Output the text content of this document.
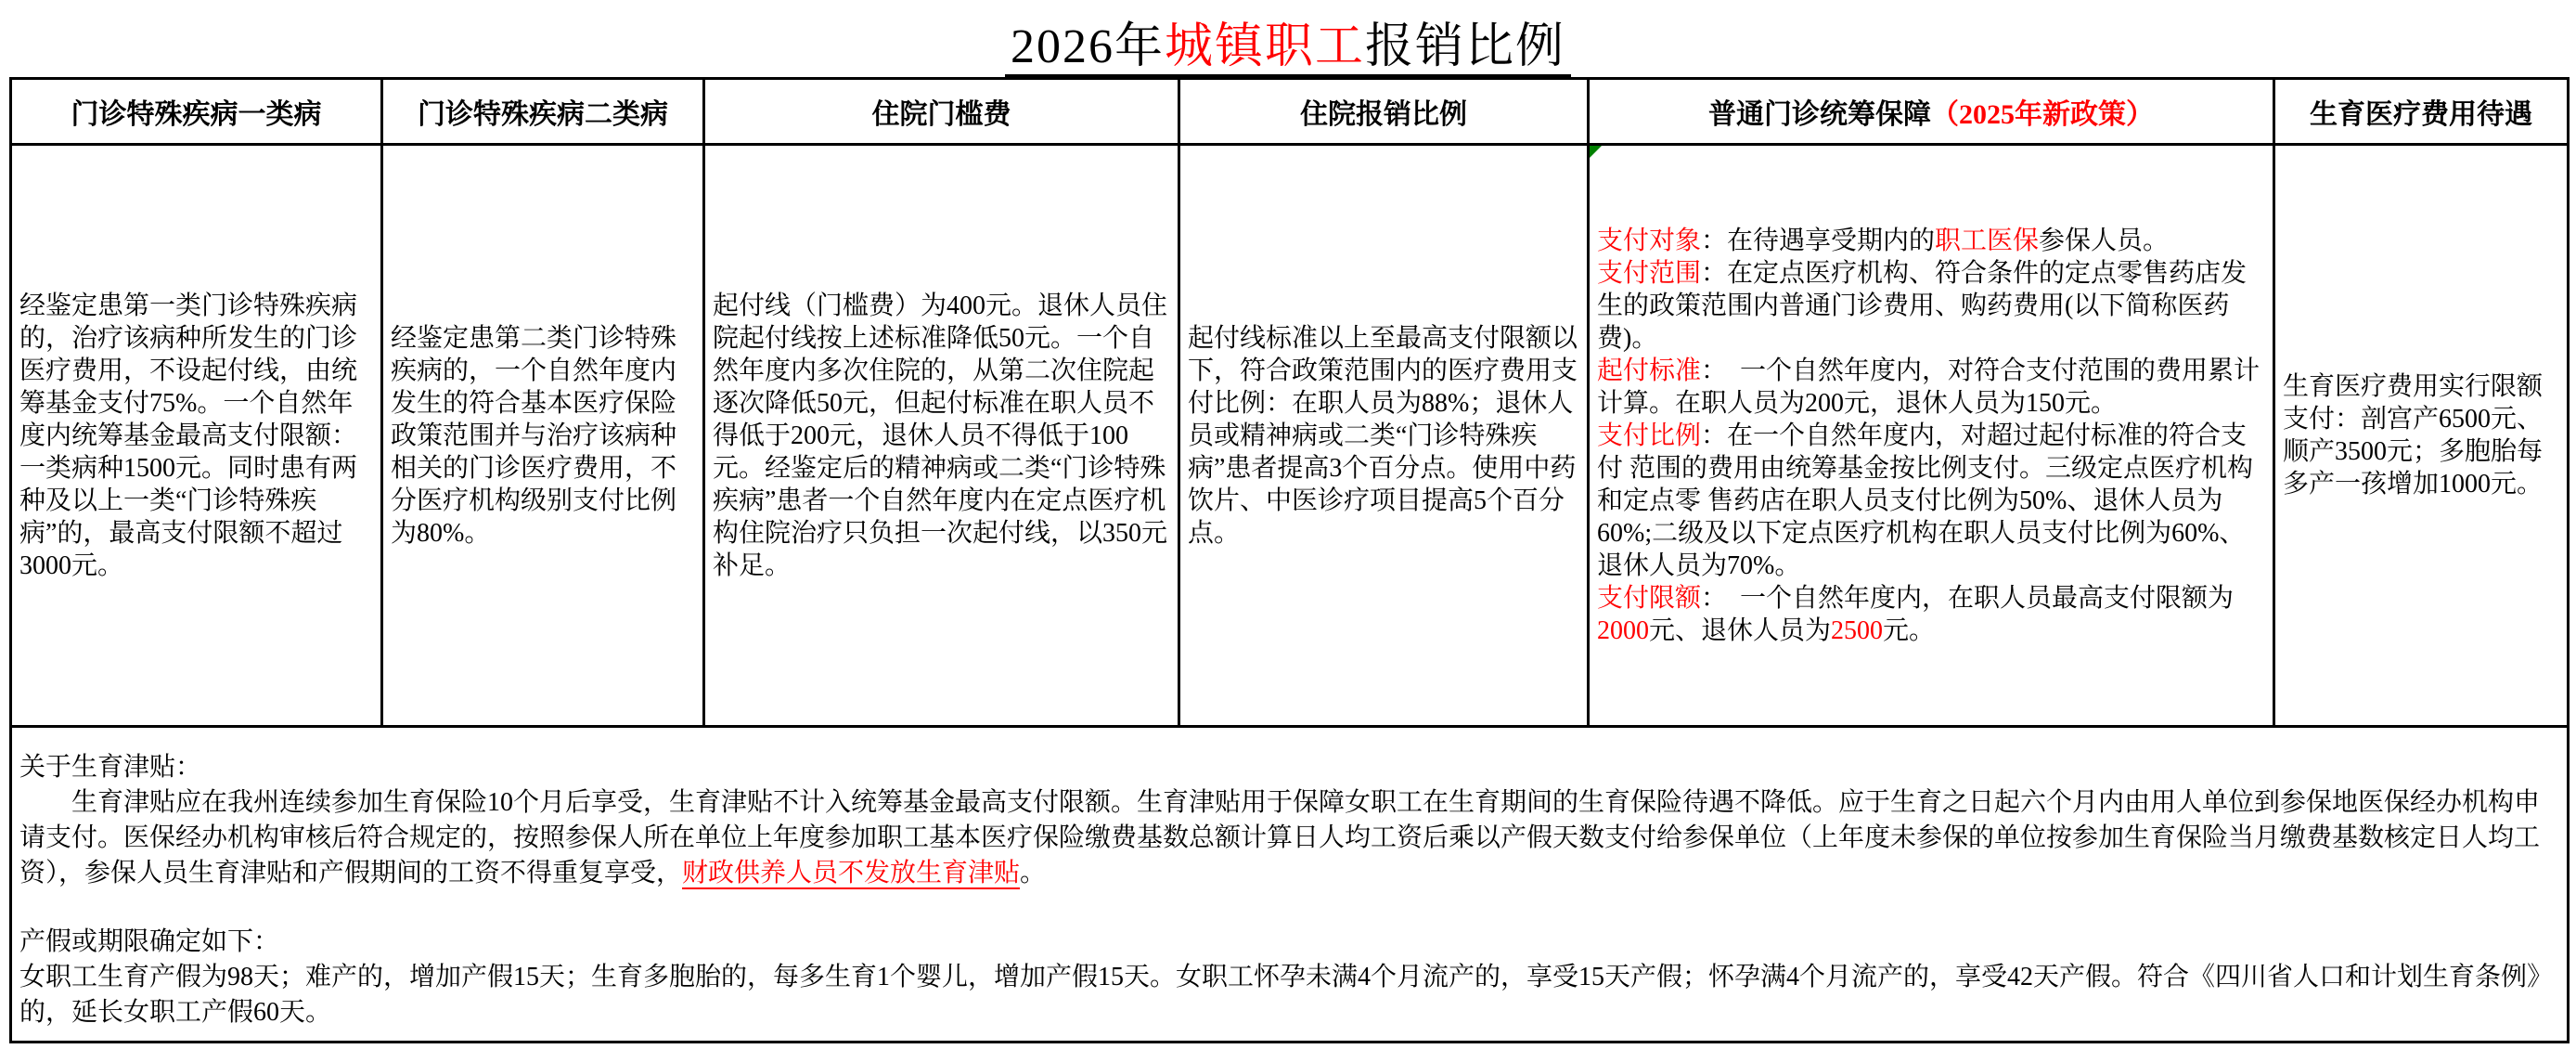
2026年城镇职工报销比例
门诊特殊疾病一类病	门诊特殊疾病二类病	住院门槛费	住院报销比例	普通门诊统筹保障（2025年新政策）	生育医疗费用待遇
经鉴定患第一类门诊特殊疾病的，治疗该病种所发生的门诊医疗费用，不设起付线，由统筹基金支付75%。一个自然年度内统筹基金最高支付限额：一类病种1500元。同时患有两种及以上一类“门诊特殊疾病”的，最高支付限额不超过3000元。	经鉴定患第二类门诊特殊疾病的，一个自然年度内发生的符合基本医疗保险政策范围并与治疗该病种相关的门诊医疗费用，不分医疗机构级别支付比例为80%。	起付线（门槛费）为400元。退休人员住院起付线按上述标准降低50元。一个自然年度内多次住院的，从第二次住院起逐次降低50元，但起付标准在职人员不得低于200元，退休人员不得低于100元。经鉴定后的精神病或二类“门诊特殊疾病”患者一个自然年度内在定点医疗机构住院治疗只负担一次起付线，以350元补足。	起付线标准以上至最高支付限额以下，符合政策范围内的医疗费用支付比例：在职人员为88%；退休人员或精神病或二类“门诊特殊疾病”患者提高3个百分点。使用中药饮片、中医诊疗项目提高5个百分点。	支付对象：在待遇享受期内的职工医保参保人员。

支付范围：在定点医疗机构、符合条件的定点零售药店发生的政策范围内普通门诊费用、购药费用(以下简称医药费)。

起付标准：　一个自然年度内，对符合支付范围的费用累计计算。在职人员为200元，退休人员为150元。

支付比例：在一个自然年度内，对超过起付标准的符合支付 范围的费用由统筹基金按比例支付。三级定点医疗机构和定点零 售药店在职人员支付比例为50%、退休人员为60%;二级及以下定点医疗机构在职人员支付比例为60%、退休人员为70%。

支付限额：　一个自然年度内，在职人员最高支付限额为2000元、退休人员为2500元。	生育医疗费用实行限额支付：剖宫产6500元、顺产3500元；多胞胎每多产一孩增加1000元。

关于生育津贴：
　　生育津贴应在我州连续参加生育保险10个月后享受，生育津贴不计入统筹基金最高支付限额。生育津贴用于保障女职工在生育期间的生育保险待遇不降低。应于生育之日起六个月内由用人单位到参保地医保经办机构申请支付。医保经办机构审核后符合规定的，按照参保人所在单位上年度参加职工基本医疗保险缴费基数总额计算日人均工资后乘以产假天数支付给参保单位（上年度未参保的单位按参加生育保险当月缴费基数核定日人均工资），参保人员生育津贴和产假期间的工资不得重复享受，财政供养人员不发放生育津贴。
产假或期限确定如下：
女职工生育产假为98天；难产的，增加产假15天；生育多胞胎的，每多生育1个婴儿，增加产假15天。女职工怀孕未满4个月流产的，享受15天产假；怀孕满4个月流产的，享受42天产假。符合《四川省人口和计划生育条例》的，延长女职工产假60天。					
